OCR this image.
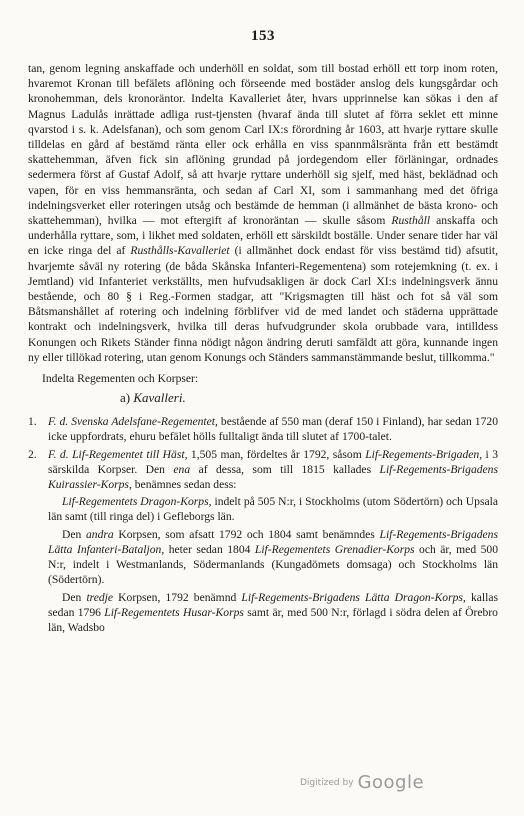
153

tan, genom legning anskaffade och underhöll en soldat, som till bostad erhöll ett torp inom roten, hvaremot Kronan till befälets aflöning och förseende med bostäder anslog dels kungsgårdar och kronohemman, dels kronoräntor. Indelta Kavalleriet åter, hvars upprinnelse kan sökas i den af Magnus Ladulås inrättade adliga rust-tjensten (hvaraf ända till slutet af förra seklet ett minne qvarstod i s. k. Adelsfanan), och som genom Carl IX:s förordning år 1603, att hvarje ryttare skulle tilldelas en gård af bestämd ränta eller ock erhålla en viss spannmålsränta från ett bestämdt skattehemman, äfven fick sin aflöning grundad på jordegendom eller förläningar, ordnades sedermera först af Gustaf Adolf, så att hvarje ryttare underhöll sig sjelf, med häst, beklädnad och vapen, för en viss hemmansränta, och sedan af Carl XI, som i sammanhang med det öfriga indelningsverket eller roteringen utsåg och bestämde de hemman (i allmänhet de bästa krono- och skattehemman), hvilka — mot eftergift af kronoräntan — skulle såsom Rusthåll anskaffa och underhålla ryttare, som, i likhet med soldaten, erhöll ett särskildt boställe. Under senare tider har väl en icke ringa del af Rusthålls-Kavalleriet (i allmänhet dock endast för viss bestämd tid) afsutit, hvarjemte såväl ny rotering (de båda Skånska Infanteri-Regementena) som rotejemkning (t. ex. i Jemtland) vid Infanteriet verkställts, men hufvudsakligen är dock Carl XI:s indelningsverk ännu bestående, och 80 § i Reg.-Formen stadgar, att "Krigsmagten till häst och fot så väl som Båtsmanshållet af rotering och indelning förblifver vid de med landet och städerna upprättade kontrakt och indelningsverk, hvilka till deras hufvudgrunder skola orubbade vara, intilldess Konungen och Rikets Ständer finna nödigt någon ändring deruti samfäldt att göra, kunnande ingen ny eller tillökad rotering, utan genom Konungs och Ständers sammanstämmande beslut, tillkomma."

Indelta Regementen och Korpser:
a) Kavalleri.
1. F. d. Svenska Adelsfane-Regementet, bestående af 550 man (deraf 150 i Finland), har sedan 1720 icke uppfordrats, ehuru befälet hölls fulltaligt ända till slutet af 1700-talet.
2. F. d. Lif-Regementet till Häst, 1,505 man, fördeltes år 1792, såsom Lif-Regements-Brigaden, i 3 särskilda Korpser. Den ena af dessa, som till 1815 kallades Lif-Regements-Brigadens Kuirassier-Korps, benämnes sedan dess:

Lif-Regementets Dragon-Korps, indelt på 505 N:r, i Stockholms (utom Södertörn) och Upsala län samt (till ringa del) i Gefleborgs län.

Den andra Korpsen, som afsatt 1792 och 1804 samt benämndes Lif-Regements-Brigadens Lätta Infanteri-Bataljon, heter sedan 1804 Lif-Regementets Grenadier-Korps och är, med 500 N:r, indelt i Westmanlands, Södermanlands (Kungadömets domsaga) och Stockholms län (Södertörn).

Den tredje Korpsen, 1792 benämnd Lif-Regements-Brigadens Lätta Dragon-Korps, kallas sedan 1796 Lif-Regementets Husar-Korps samt är, med 500 N:r, förlagd i södra delen af Örebro län, Wadsbo

Digitized by Google
